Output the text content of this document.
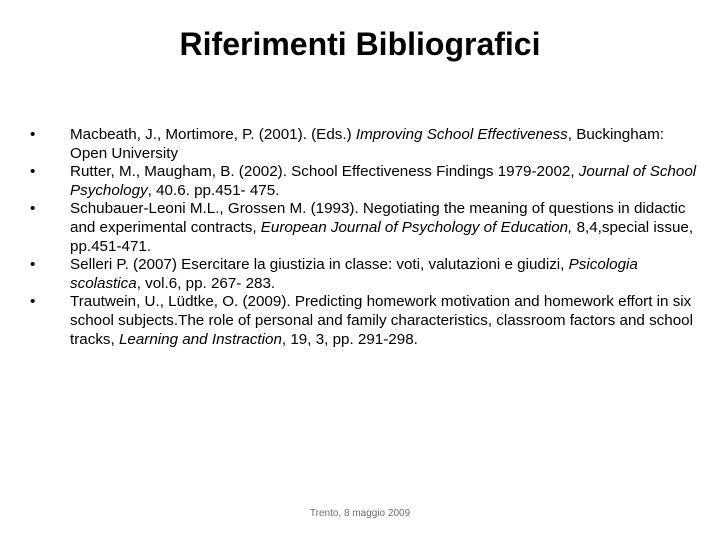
Riferimenti Bibliografici
•	Macbeath, J., Mortimore, P. (2001). (Eds.) Improving School Effectiveness, Buckingham: Open University
•	Rutter, M., Maugham, B. (2002). School Effectiveness Findings 1979-2002, Journal of School Psychology, 40.6. pp.451- 475.
•	Schubauer-Leoni M.L., Grossen M. (1993). Negotiating the meaning of questions in didactic and experimental contracts, European Journal of Psychology of Education, 8,4,special issue, pp.451-471.
•	Selleri P. (2007) Esercitare la giustizia in classe: voti, valutazioni e giudizi, Psicologia scolastica, vol.6, pp. 267- 283.
•	Trautwein, U., Lüdtke, O. (2009). Predicting homework motivation and homework effort in six school subjects.The role of personal and family characteristics, classroom factors and school tracks, Learning and Instraction, 19, 3, pp. 291-298.
Trento, 8 maggio 2009
